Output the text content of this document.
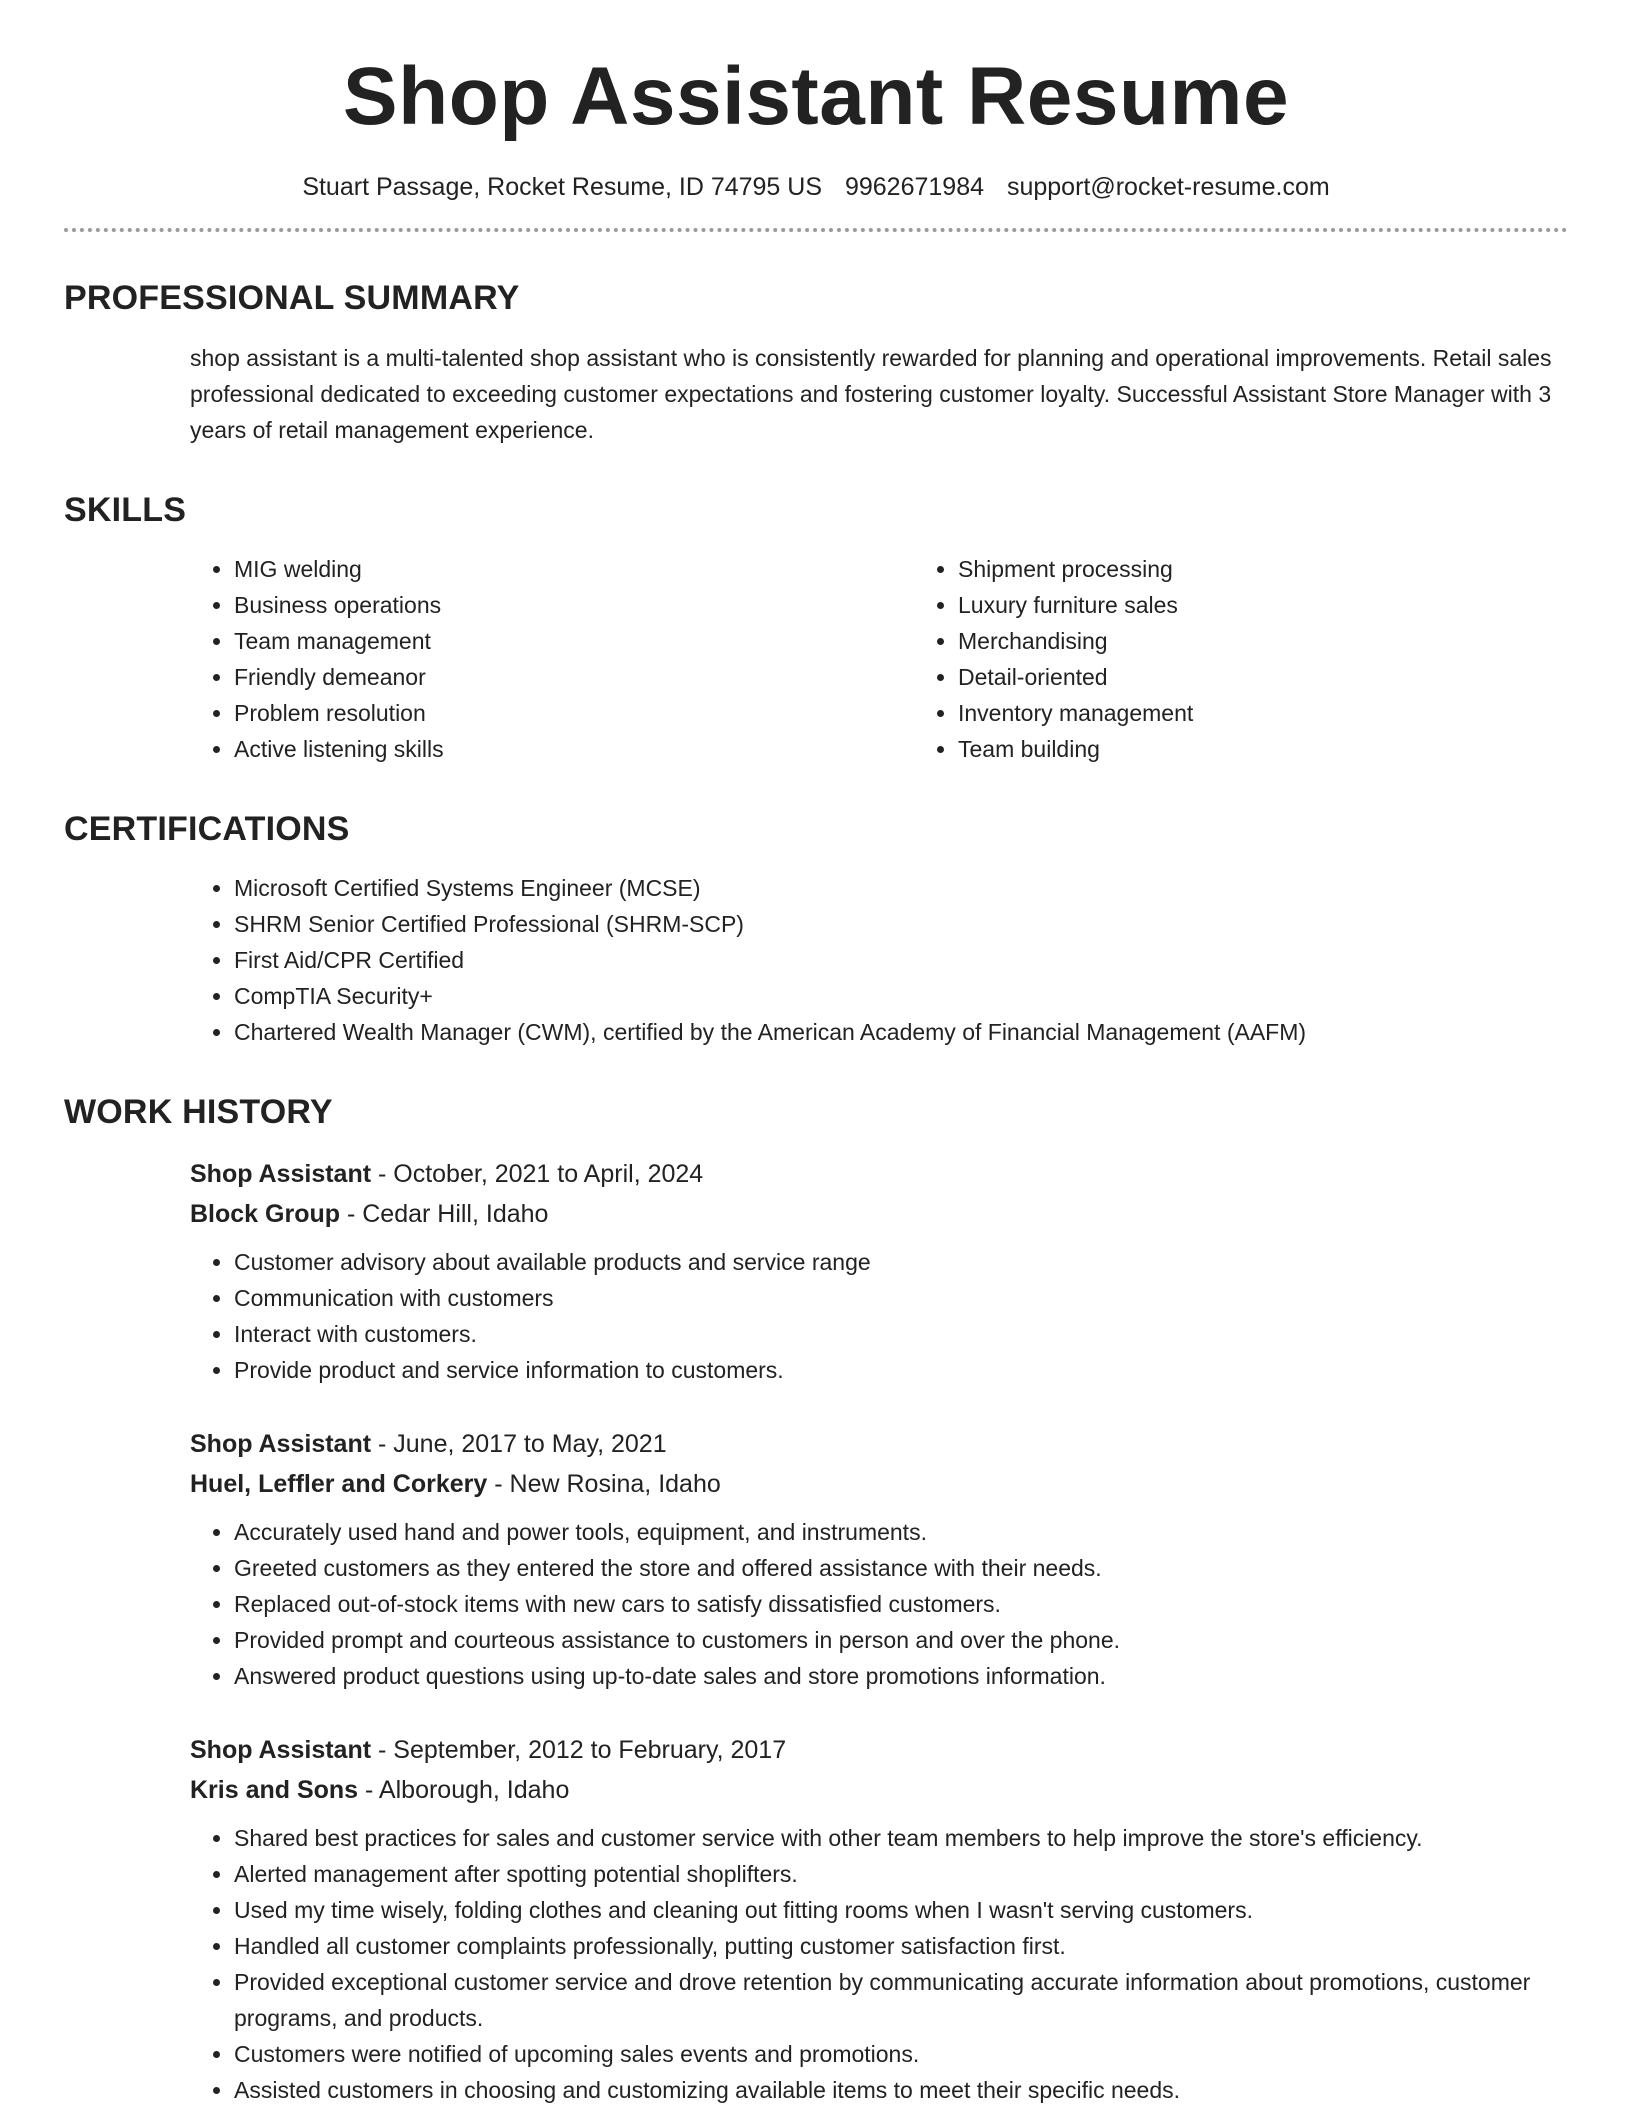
Shop Assistant Resume
Stuart Passage, Rocket Resume, ID 74795 US 9962671984 support@rocket-resume.com
PROFESSIONAL SUMMARY

shop assistant is a multi-talented shop assistant who is consistently rewarded for planning and operational improvements. Retail sales professional dedicated to exceeding customer expectations and fostering customer loyalty. Successful Assistant Store Manager with 3 years of retail management experience.

SKILLS
• MIG welding
• Business operations
• Team management
• Friendly demeanor
• Problem resolution
• Active listening skills
• Shipment processing
• Luxury furniture sales
• Merchandising
• Detail-oriented
• Inventory management
• Team building
CERTIFICATIONS
• Microsoft Certified Systems Engineer (MCSE)
• SHRM Senior Certified Professional (SHRM-SCP)
• First Aid/CPR Certified
• CompTIA Security+
• Chartered Wealth Manager (CWM), certified by the American Academy of Financial Management (AAFM)
WORK HISTORY
Shop Assistant - October, 2021 to April, 2024
Block Group - Cedar Hill, Idaho
• Customer advisory about available products and service range
• Communication with customers
• Interact with customers.
• Provide product and service information to customers.
Shop Assistant - June, 2017 to May, 2021
Huel, Leffler and Corkery - New Rosina, Idaho
• Accurately used hand and power tools, equipment, and instruments.
• Greeted customers as they entered the store and offered assistance with their needs.
• Replaced out-of-stock items with new cars to satisfy dissatisfied customers.
• Provided prompt and courteous assistance to customers in person and over the phone.
• Answered product questions using up-to-date sales and store promotions information.
Shop Assistant - September, 2012 to February, 2017
Kris and Sons - Alborough, Idaho
• Shared best practices for sales and customer service with other team members to help improve the store's efficiency.
• Alerted management after spotting potential shoplifters.
• Used my time wisely, folding clothes and cleaning out fitting rooms when I wasn't serving customers.
• Handled all customer complaints professionally, putting customer satisfaction first.
• Provided exceptional customer service and drove retention by communicating accurate information about promotions, customer programs, and products.
• Customers were notified of upcoming sales events and promotions.
• Assisted customers in choosing and customizing available items to meet their specific needs.
